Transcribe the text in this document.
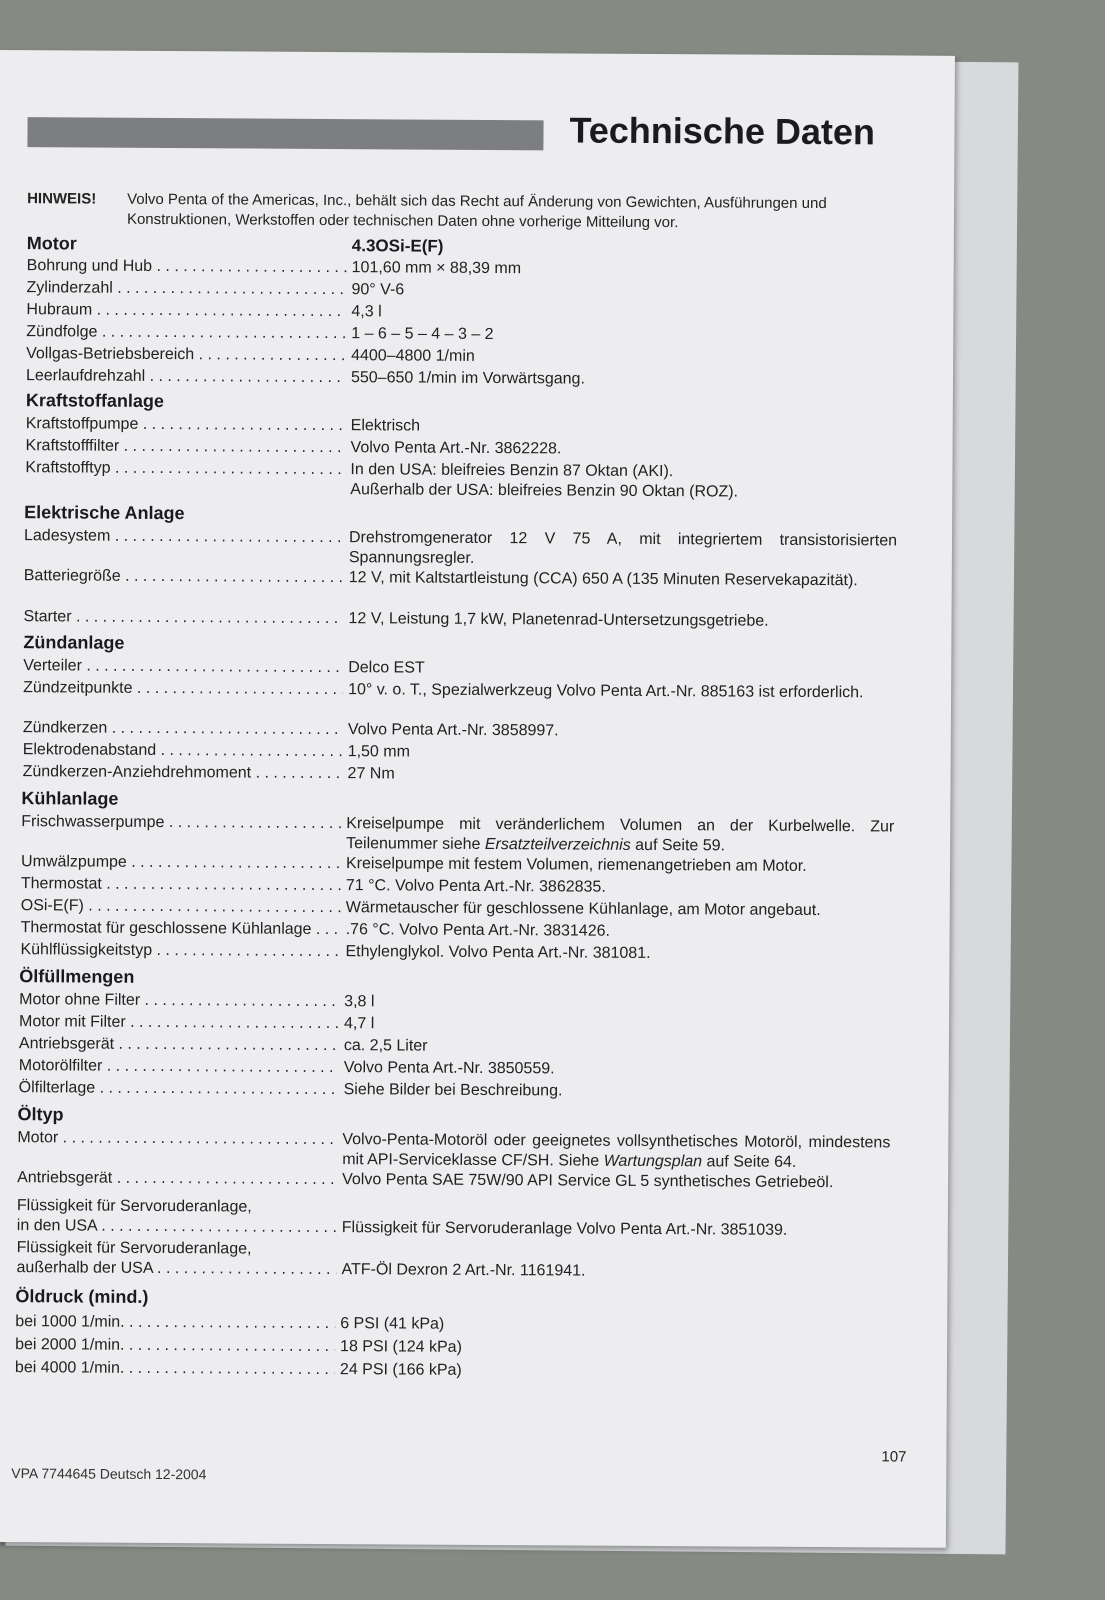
Technische Daten
HINWEIS! Volvo Penta of the Americas, Inc., behält sich das Recht auf Änderung von Gewichten, Ausführungen und Konstruktionen, Werkstoffen oder technischen Daten ohne vorherige Mitteilung vor.
Motor	4.3OSi-E(F)
Bohrung und Hub . . .	101,60 mm × 88,39 mm
Zylinderzahl . . .	90° V-6
Hubraum . . .	4,3 l
Zündfolge . . .	1 – 6 – 5 – 4 – 3 – 2
Vollgas-Betriebsbereich . . .	4400–4800 1/min
Leerlaufdrehzahl . . .	550–650 1/min im Vorwärtsgang.
Kraftstoffanlage
Kraftstoffpumpe . . .	Elektrisch
Kraftstofffilter . . .	Volvo Penta Art.-Nr. 3862228.
Kraftstofftyp . . .	In den USA: bleifreies Benzin 87 Oktan (AKI).
Außerhalb der USA: bleifreies Benzin 90 Oktan (ROZ).
Elektrische Anlage
Ladesystem . . .	Drehstromgenerator 12 V 75 A, mit integriertem transistorisierten Spannungsregler.
Batteriegröße . . .	12 V, mit Kaltstartleistung (CCA) 650 A (135 Minuten Reservekapazität).
Starter . . .	12 V, Leistung 1,7 kW, Planetenrad-Untersetzungsgetriebe.
Zündanlage
Verteiler . . .	Delco EST
Zündzeitpunkte . . .	10° v. o. T., Spezialwerkzeug Volvo Penta Art.-Nr. 885163 ist erforderlich.
Zündkerzen . . .	Volvo Penta Art.-Nr. 3858997.
Elektrodenabstand . . .	1,50 mm
Zündkerzen-Anziehdrehmoment . . .	27 Nm
Kühlanlage
Frischwasserpumpe . . .	Kreiselpumpe mit veränderlichem Volumen an der Kurbelwelle. Zur Teilenummer siehe Ersatzteilverzeichnis auf Seite 59.
Umwälzpumpe . . .	Kreiselpumpe mit festem Volumen, riemenangetrieben am Motor.
Thermostat . . .	71 °C. Volvo Penta Art.-Nr. 3862835.
OSi-E(F) . . .	Wärmetauscher für geschlossene Kühlanlage, am Motor angebaut.
Thermostat für geschlossene Kühlanlage . . .	.76 °C. Volvo Penta Art.-Nr. 3831426.
Kühlflüssigkeitstyp . . .	Ethylenglykol. Volvo Penta Art.-Nr. 381081.
Ölfüllmengen
Motor ohne Filter . . .	3,8 l
Motor mit Filter . . .	4,7 l
Antriebsgerät . . .	ca. 2,5 Liter
Motorölfilter . . .	Volvo Penta Art.-Nr. 3850559.
Ölfilterlage . . .	Siehe Bilder bei Beschreibung.
Öltyp
Motor . . .	Volvo-Penta-Motoröl oder geeignetes vollsynthetisches Motoröl, mindestens mit API-Serviceklasse CF/SH. Siehe Wartungsplan auf Seite 64.
Antriebsgerät . . .	Volvo Penta SAE 75W/90 API Service GL 5 synthetisches Getriebeöl.
Flüssigkeit für Servoruderanlage,
in den USA . . .	Flüssigkeit für Servoruderanlage Volvo Penta Art.-Nr. 3851039.
Flüssigkeit für Servoruderanlage,
außerhalb der USA . . .	ATF-Öl Dexron 2 Art.-Nr. 1161941.
Öldruck (mind.)
bei 1000 1/min. . . .	6 PSI (41 kPa)
bei 2000 1/min. . . .	18 PSI (124 kPa)
bei 4000 1/min. . . .	24 PSI (166 kPa)
VPA 7744645 Deutsch 12-2004
107
